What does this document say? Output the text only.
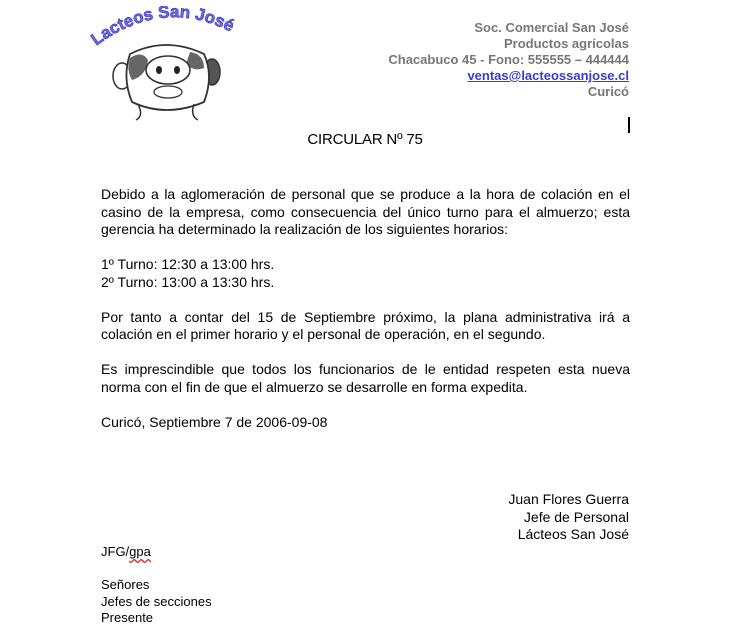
Lacteos San José	Soc. Comercial San José
Productos agrícolas
Chacabuco 45 - Fono: 555555 – 444444
ventas@lacteossanjose.cl
Curicó
CIRCULAR Nº 75

Debido a la aglomeración de personal que se produce a la hora de colación en el casino de la empresa, como consecuencia del único turno para el almuerzo; esta gerencia ha determinado la realización de los siguientes horarios:

1º Turno: 12:30 a 13:00 hrs.
2º Turno: 13:00 a 13:30 hrs.

Por tanto a contar del 15 de Septiembre próximo, la plana administrativa irá a colación en el primer horario y el personal de operación, en el segundo.

Es imprescindible que todos los funcionarios de le entidad respeten esta nueva norma con el fin de que el almuerzo se desarrolle en forma expedita.

Curicó, Septiembre 7 de 2006-09-08

Juan Flores Guerra
Jefe de Personal
Lácteos San José
JFG/gpa
Señores
Jefes de secciones
Presente
